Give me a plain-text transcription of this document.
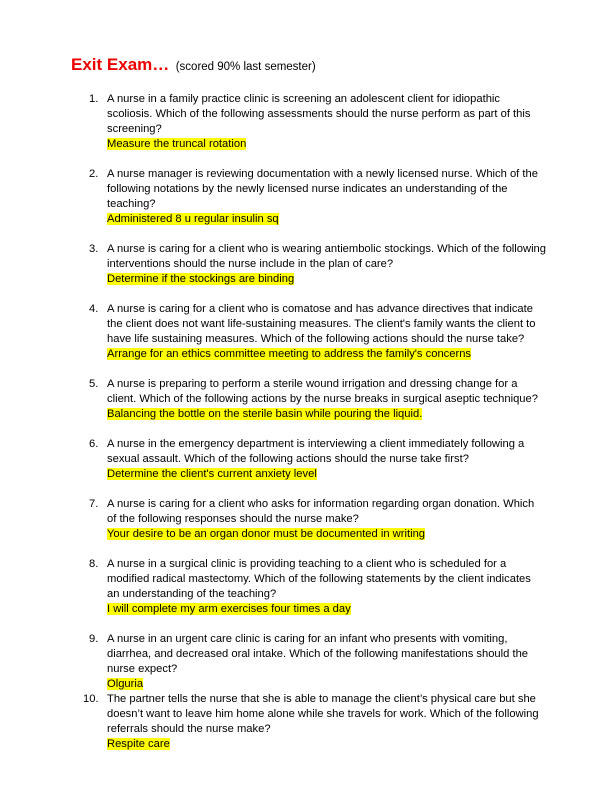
Exit Exam… (scored 90% last semester)
1. A nurse in a family practice clinic is screening an adolescent client for idiopathic scoliosis. Which of the following assessments should the nurse perform as part of this screening?
Measure the truncal rotation
2. A nurse manager is reviewing documentation with a newly licensed nurse. Which of the following notations by the newly licensed nurse indicates an understanding of the teaching?
Administered 8 u regular insulin sq
3. A nurse is caring for a client who is wearing antiembolic stockings. Which of the following interventions should the nurse include in the plan of care?
Determine if the stockings are binding
4. A nurse is caring for a client who is comatose and has advance directives that indicate the client does not want life-sustaining measures. The client's family wants the client to have life sustaining measures. Which of the following actions should the nurse take?
Arrange for an ethics committee meeting to address the family's concerns
5. A nurse is preparing to perform a sterile wound irrigation and dressing change for a client. Which of the following actions by the nurse breaks in surgical aseptic technique?
Balancing the bottle on the sterile basin while pouring the liquid.
6. A nurse in the emergency department is interviewing a client immediately following a sexual assault. Which of the following actions should the nurse take first?
Determine the client's current anxiety level
7. A nurse is caring for a client who asks for information regarding organ donation. Which of the following responses should the nurse make?
Your desire to be an organ donor must be documented in writing
8. A nurse in a surgical clinic is providing teaching to a client who is scheduled for a modified radical mastectomy. Which of the following statements by the client indicates an understanding of the teaching?
I will complete my arm exercises four times a day
9. A nurse in an urgent care clinic is caring for an infant who presents with vomiting, diarrhea, and decreased oral intake. Which of the following manifestations should the nurse expect?
Olguria
10. The partner tells the nurse that she is able to manage the client’s physical care but she doesn’t want to leave him home alone while she travels for work. Which of the following referrals should the nurse make?
Respite care
